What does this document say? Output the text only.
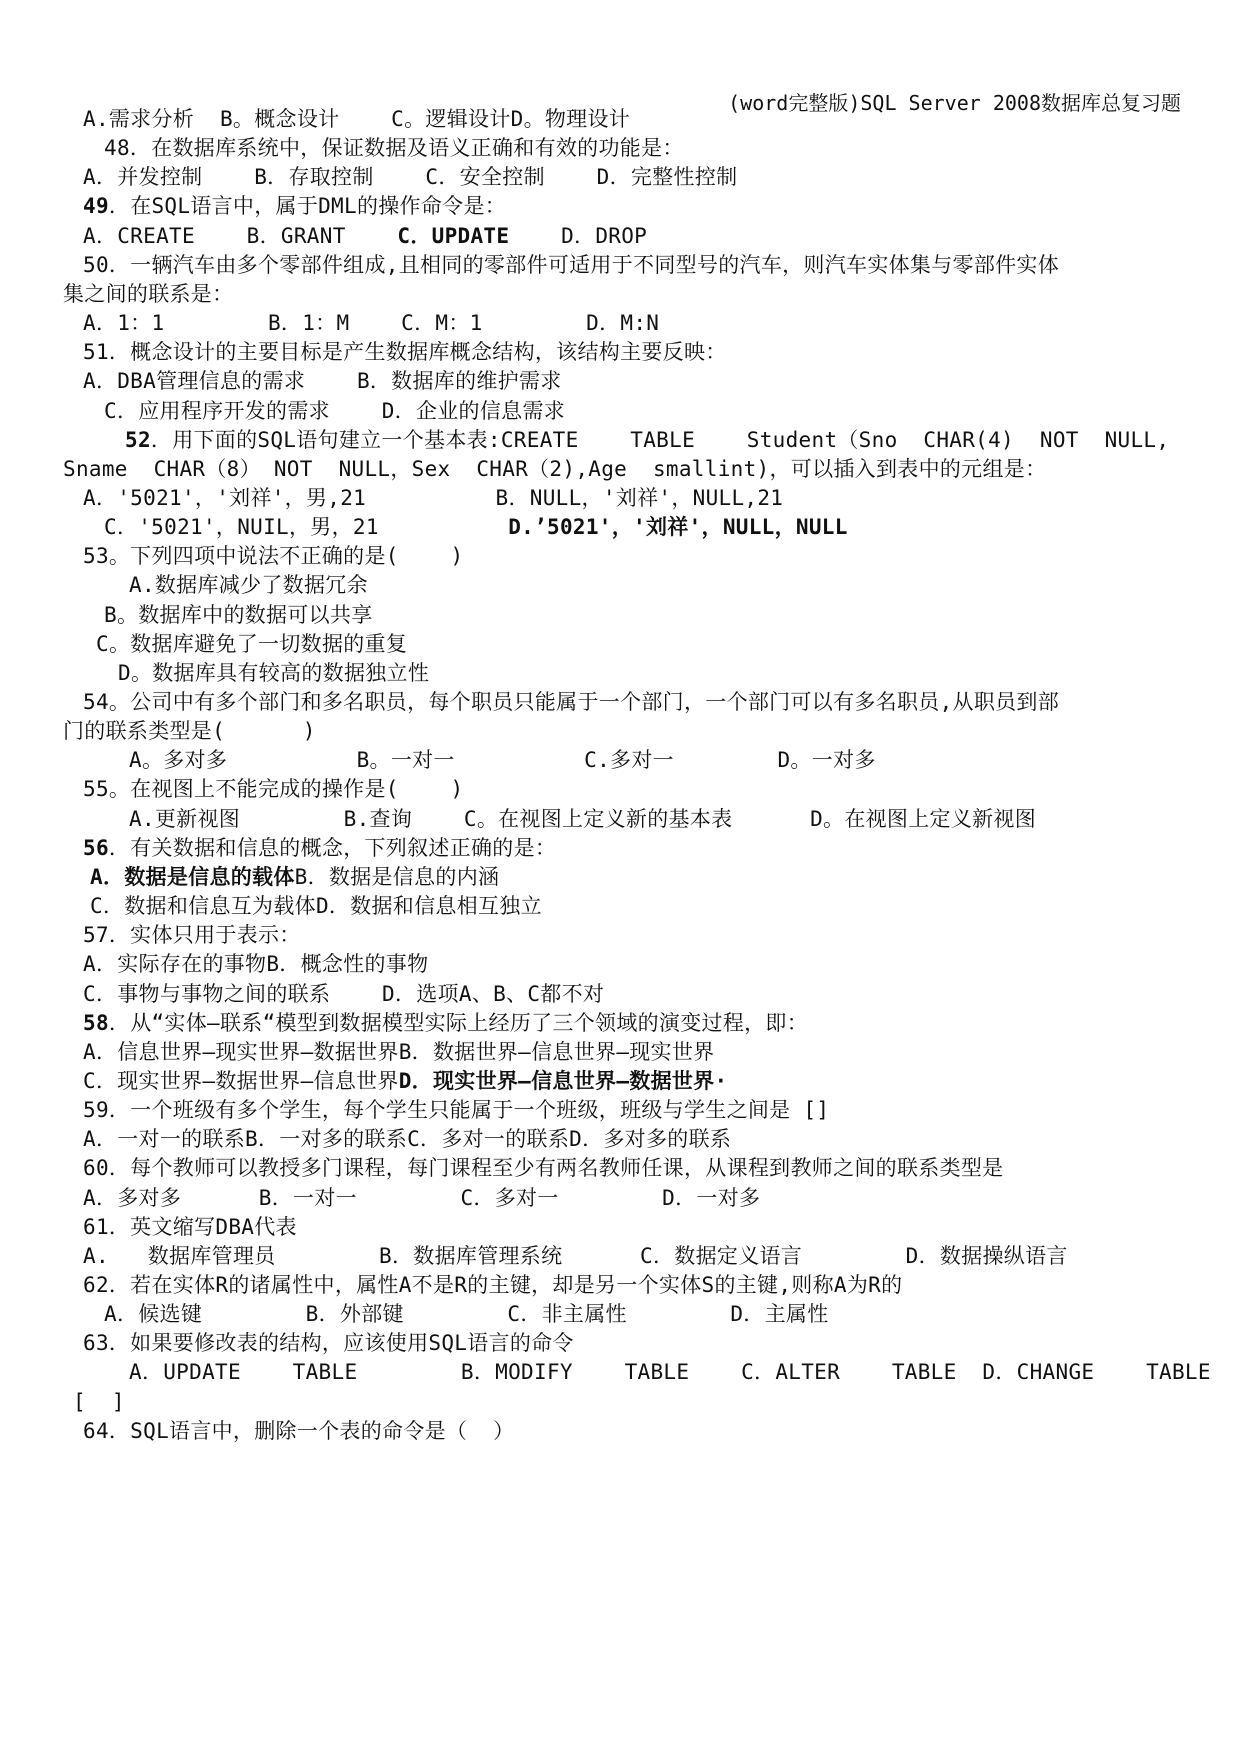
(word完整版)SQL Server 2008数据库总复习题
A.需求分析  B。概念设计    C。逻辑设计D。物理设计
48．在数据库系统中，保证数据及语义正确和有效的功能是：
A．并发控制    B．存取控制    C．安全控制    D．完整性控制
49．在SQL语言中，属于DML的操作命令是：
A．CREATE    B．GRANT    C．UPDATE    D．DROP
50．一辆汽车由多个零部件组成,且相同的零部件可适用于不同型号的汽车，则汽车实体集与零部件实体
集之间的联系是：
A．1：1        B．1：M    C．M：1        D．M:N
51．概念设计的主要目标是产生数据库概念结构，该结构主要反映：
A．DBA管理信息的需求    B．数据库的维护需求
C．应用程序开发的需求    D．企业的信息需求
52．用下面的SQL语句建立一个基本表:CREATE    TABLE    Student（Sno  CHAR(4)  NOT  NULL,
Sname  CHAR（8） NOT  NULL，Sex  CHAR（2),Age  smallint)，可以插入到表中的元组是：
A．'5021'，'刘祥'，男,21          B．NULL，'刘祥'，NULL,21
C．'5021'，NUIL，男，21          D.’5021'，'刘祥'，NULL，NULL
53。下列四项中说法不正确的是(    )
A.数据库减少了数据冗余
B。数据库中的数据可以共享
C。数据库避免了一切数据的重复
D。数据库具有较高的数据独立性
54。公司中有多个部门和多名职员，每个职员只能属于一个部门，一个部门可以有多名职员,从职员到部
门的联系类型是(      )
A。多对多          B。一对一          C.多对一        D。一对多
55。在视图上不能完成的操作是(    )
A.更新视图        B.查询    C。在视图上定义新的基本表      D。在视图上定义新视图
56．有关数据和信息的概念，下列叙述正确的是：
A．数据是信息的载体B．数据是信息的内涵
C．数据和信息互为载体D．数据和信息相互独立
57．实体只用于表示：
A．实际存在的事物B．概念性的事物
C．事物与事物之间的联系    D．选项A、B、C都不对
58．从“实体—联系“模型到数据模型实际上经历了三个领域的演变过程，即：
A．信息世界—现实世界—数据世界B．数据世界—信息世界—现实世界
C．现实世界—数据世界—信息世界D．现实世界—信息世界—数据世界·
59．一个班级有多个学生，每个学生只能属于一个班级，班级与学生之间是 []
A．一对一的联系B．一对多的联系C．多对一的联系D．多对多的联系
60．每个教师可以教授多门课程，每门课程至少有两名教师任课，从课程到教师之间的联系类型是
A．多对多      B．一对一        C．多对一        D．一对多
61．英文缩写DBA代表
A.   数据库管理员        B．数据库管理系统      C．数据定义语言        D．数据操纵语言
62．若在实体R的诸属性中，属性A不是R的主键，却是另一个实体S的主键,则称A为R的
A．候选键        B．外部键        C．非主属性        D．主属性
63．如果要修改表的结构，应该使用SQL语言的命令
A．UPDATE    TABLE        B．MODIFY    TABLE    C．ALTER    TABLE  D．CHANGE    TABLE
[  ]
64．SQL语言中，删除一个表的命令是（  ）
